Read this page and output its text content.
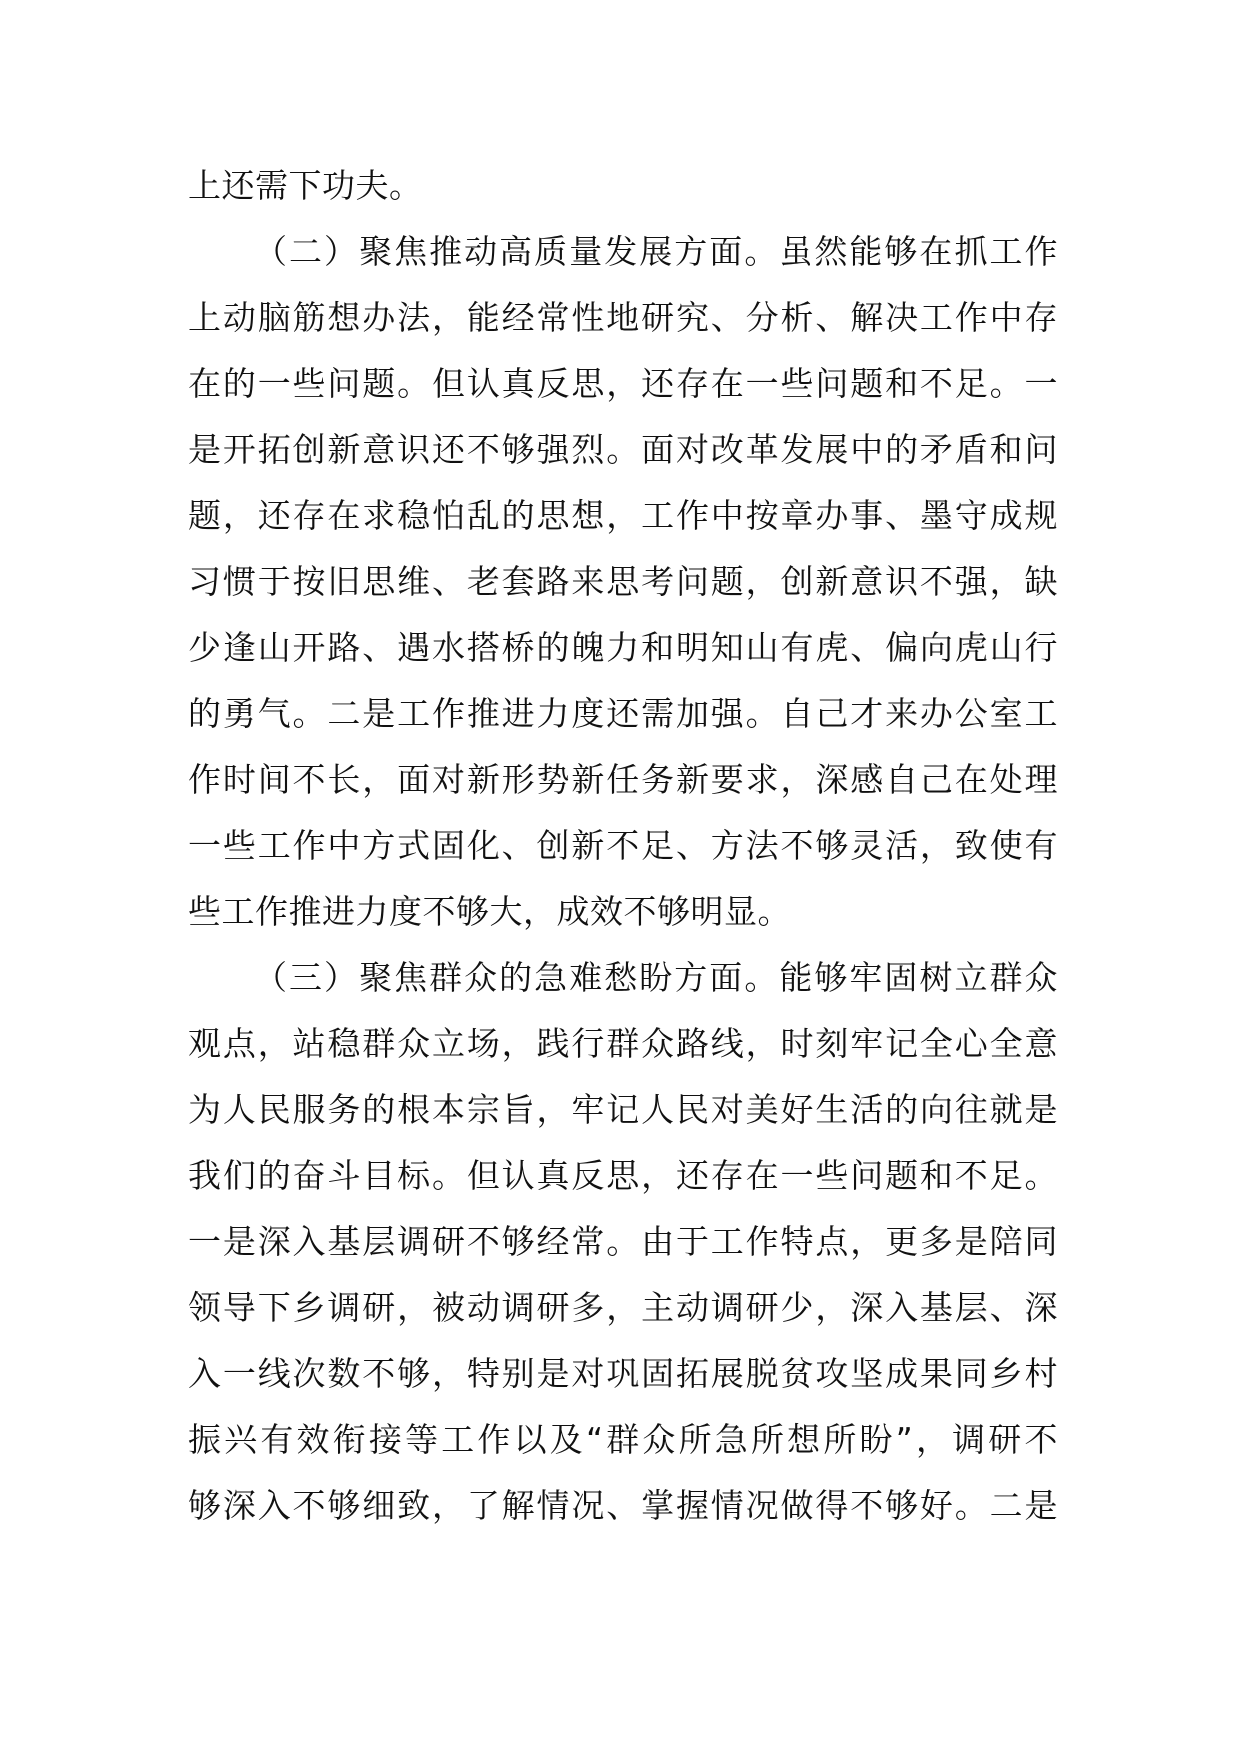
上还需下功夫。
（二）聚焦推动高质量发展方面。虽然能够在抓工作
上动脑筋想办法，能经常性地研究、分析、解决工作中存
在的一些问题。但认真反思，还存在一些问题和不足。一
是开拓创新意识还不够强烈。面对改革发展中的矛盾和问
题，还存在求稳怕乱的思想，工作中按章办事、墨守成规
习惯于按旧思维、老套路来思考问题，创新意识不强，缺
少逢山开路、遇水搭桥的魄力和明知山有虎、偏向虎山行
的勇气。二是工作推进力度还需加强。自己才来办公室工
作时间不长，面对新形势新任务新要求，深感自己在处理
一些工作中方式固化、创新不足、方法不够灵活，致使有
些工作推进力度不够大，成效不够明显。
（三）聚焦群众的急难愁盼方面。能够牢固树立群众
观点，站稳群众立场，践行群众路线，时刻牢记全心全意
为人民服务的根本宗旨，牢记人民对美好生活的向往就是
我们的奋斗目标。但认真反思，还存在一些问题和不足。
一是深入基层调研不够经常。由于工作特点，更多是陪同
领导下乡调研，被动调研多，主动调研少，深入基层、深
入一线次数不够，特别是对巩固拓展脱贫攻坚成果同乡村
振兴有效衔接等工作以及“群众所急所想所盼”，调研不
够深入不够细致，了解情况、掌握情况做得不够好。二是
